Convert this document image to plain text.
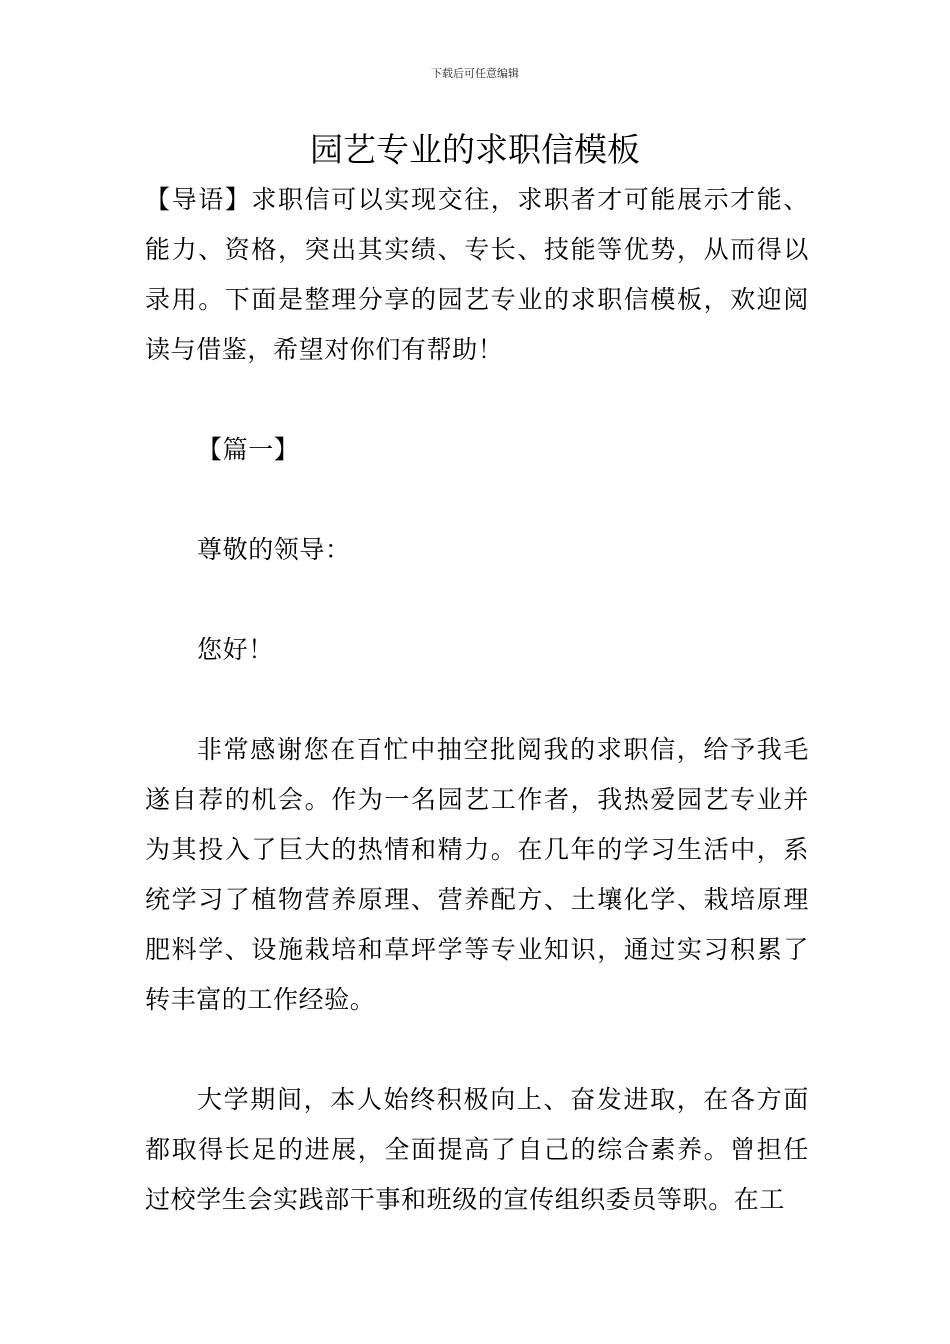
下载后可任意编辑
园艺专业的求职信模板

【导语】求职信可以实现交往，求职者才可能展示才能、能力、资格，突出其实绩、专长、技能等优势，从而得以录用。下面是整理分享的园艺专业的求职信模板，欢迎阅读与借鉴，希望对你们有帮助！

【篇一】

尊敬的领导：

您好！

非常感谢您在百忙中抽空批阅我的求职信，给予我毛遂自荐的机会。作为一名园艺工作者，我热爱园艺专业并为其投入了巨大的热情和精力。在几年的学习生活中，系统学习了植物营养原理、营养配方、土壤化学、栽培原理肥料学、设施栽培和草坪学等专业知识，通过实习积累了转丰富的工作经验。

大学期间，本人始终积极向上、奋发进取，在各方面都取得长足的进展，全面提高了自己的综合素养。曾担任过校学生会实践部干事和班级的宣传组织委员等职。在工
